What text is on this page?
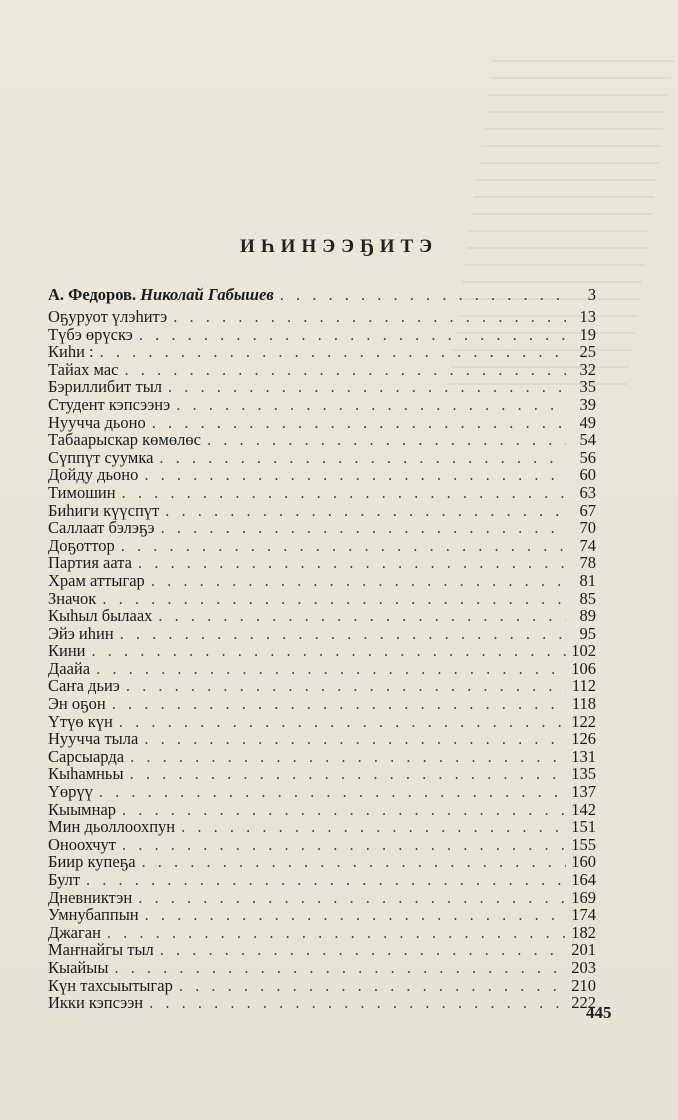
ИҺИНЭЭҔИТЭ
А. Федоров. Николай Габышев . . .	3
Оҕуруот үлэһитэ . . .	13
Түбэ өрүскэ . . .	19
Киһи : . . .	25
Тайах мас . . .	32
Бэриллибит тыл . . .	35
Студент кэпсээнэ . . .	39
Нуучча дьоно . . .	49
Табаарыскар көмөлөс . . .	54
Сүппүт суумка . . .	56
Дойду дьоно . . .	60
Тимошин . . .	63
Биһиги күүспүт . . .	67
Саллаат бэлэҕэ . . .	70
Доҕоттор . . .	74
Партия аата . . .	78
Храм аттыгар . . .	81
Значок . . .	85
Кыһыл былаах . . .	89
Эйэ иһин . . .	95
Кини . . .	102
Даайа . . .	106
Саҥа дьиэ . . .	112
Эн оҕон . . .	118
Үтүө күн . . .	122
Нуучча тыла . . .	126
Сарсыарда . . .	131
Кыһамньы . . .	135
Үөрүү . . .	137
Кыымнар . . .	142
Мин дьоллоохпун . . .	151
Оноохчут . . .	155
Биир купеҕа . . .	160
Булт . . .	164
Дневниктэн . . .	169
Умнубаппын . . .	174
Джаган . . .	182
Маҥнайгы тыл . . .	201
Кыайыы . . .	203
Күн тахсыытыгар . . .	210
Икки кэпсээн . . .	222
445
